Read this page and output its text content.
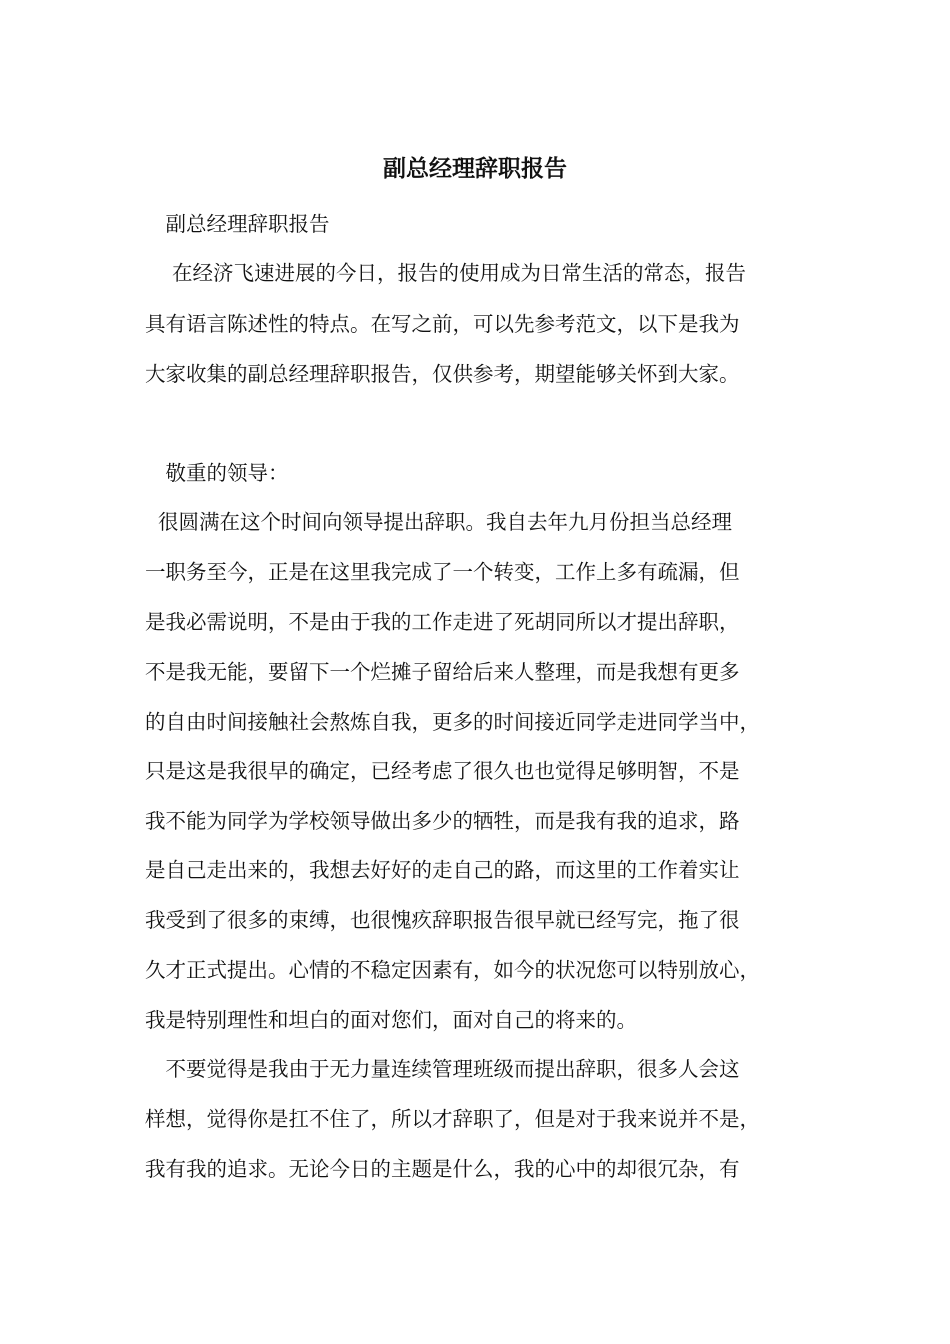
副总经理辞职报告

　副总经理辞职报告

　 在经济飞速进展的今日，报告的使用成为日常生活的常态，报告

具有语言陈述性的特点。在写之前，可以先参考范文，以下是我为

大家收集的副总经理辞职报告，仅供参考，期望能够关怀到大家。

　敬重的领导：

很圆满在这个时间向领导提出辞职。我自去年九月份担当总经理

一职务至今，正是在这里我完成了一个转变，工作上多有疏漏，但

是我必需说明，不是由于我的工作走进了死胡同所以才提出辞职，

不是我无能，要留下一个烂摊子留给后来人整理，而是我想有更多

的自由时间接触社会熬炼自我，更多的时间接近同学走进同学当中，

只是这是我很早的确定，已经考虑了很久也也觉得足够明智，不是

我不能为同学为学校领导做出多少的牺牲，而是我有我的追求，路

是自己走出来的，我想去好好的走自己的路，而这里的工作着实让

我受到了很多的束缚，也很愧疚辞职报告很早就已经写完，拖了很

久才正式提出。心情的不稳定因素有，如今的状况您可以特别放心，

我是特别理性和坦白的面对您们，面对自己的将来的。

　不要觉得是我由于无力量连续管理班级而提出辞职，很多人会这

样想，觉得你是扛不住了，所以才辞职了，但是对于我来说并不是，

我有我的追求。无论今日的主题是什么，我的心中的却很冗杂，有
